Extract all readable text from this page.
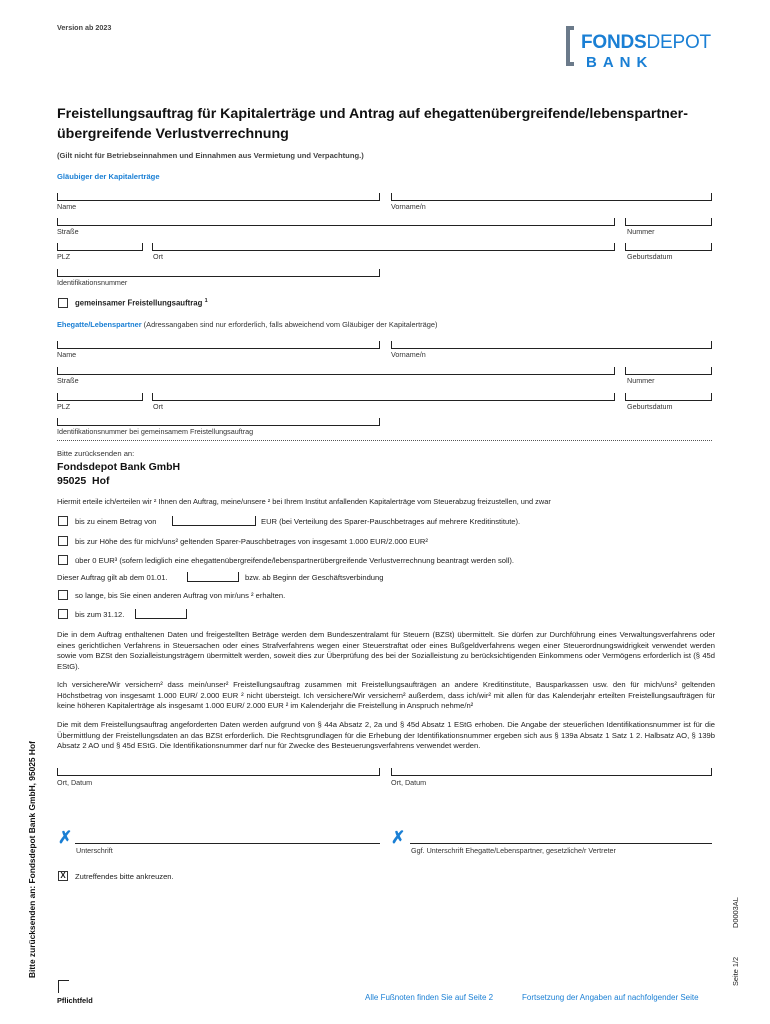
Version ab 2023
FONDSDEPOT
BANK
Freistellungsauftrag für Kapitalerträge und Antrag auf ehegattenübergreifende/lebenspartner-
übergreifende Verlustverrechnung
(Gilt nicht für Betriebseinnahmen und Einnahmen aus Vermietung und Verpachtung.)
Gläubiger der Kapitalerträge
Name	Vorname/n
Straße	Nummer
PLZ	Ort	Geburtsdatum
Identifikationsnummer
gemeinsamer Freistellungsauftrag $^1$
Ehegatte/Lebenspartner (Adressangaben sind nur erforderlich, falls abweichend vom Gläubiger der Kapitalerträge)
Name	Vorname/n
Straße	Nummer
PLZ	Ort	Geburtsdatum
Identifikationsnummer bei gemeinsamem Freistellungsauftrag
Bitte zurücksenden an:
Fondsdepot Bank GmbH
95025  Hof
Hiermit erteile ich/erteilen wir ² Ihnen den Auftrag, meine/unsere ² bei Ihrem Institut anfallenden Kapitalerträge vom Steuerabzug freizustellen, und zwar
bis zu einem Betrag von	EUR (bei Verteilung des Sparer-Pauschbetrages auf mehrere Kreditinstitute).
bis zur Höhe des für mich/uns² geltenden Sparer-Pauschbetrages von insgesamt 1.000 EUR/2.000 EUR²
über 0 EUR³ (sofern lediglich eine ehegattenübergreifende/lebenspartnerübergreifende Verlustverrechnung beantragt werden soll).
Dieser Auftrag gilt ab dem 01.01.	bzw. ab Beginn der Geschäftsverbindung
so lange, bis Sie einen anderen Auftrag von mir/uns ² erhalten.
bis zum 31.12.
Die in dem Auftrag enthaltenen Daten und freigestellten Beträge werden dem Bundeszentralamt für Steuern (BZSt) übermittelt. Sie dürfen zur Durchführung eines Verwaltungsverfahrens oder eines gerichtlichen Verfahrens in Steuersachen oder eines Strafverfahrens wegen einer Steuerstraftat oder eines Bußgeldverfahrens wegen einer Steuerordnungswidrigkeit verwendet werden sowie vom BZSt den Sozialleistungsträgern übermittelt werden, soweit dies zur Überprüfung des bei der Sozialleistung zu berücksichtigenden Einkommens oder Vermögens erforderlich ist (§ 45d EStG).
Ich versichere/Wir versichern² dass mein/unser² Freistellungsauftrag zusammen mit Freistellungsaufträgen an andere Kreditinstitute, Bausparkassen usw. den für mich/uns² geltenden Höchstbetrag von insgesamt 1.000 EUR/ 2.000 EUR ² nicht übersteigt. Ich versichere/Wir versichern² außerdem, dass ich/wir² mit allen für das Kalenderjahr erteilten Freistellungsaufträgen für keine höheren Kapitalerträge als insgesamt 1.000 EUR/ 2.000 EUR ² im Kalenderjahr die Freistellung in Anspruch nehme/n²
Die mit dem Freistellungsauftrag angeforderten Daten werden aufgrund von § 44a Absatz 2, 2a und § 45d Absatz 1 EStG erhoben. Die Angabe der steuerlichen Identifikationsnummer ist für die Übermittlung der Freistellungsdaten an das BZSt erforderlich. Die Rechtsgrundlagen für die Erhebung der Identifikationsnummer ergeben sich aus § 139a Absatz 1 Satz 1 2. Halbsatz AO, § 139b Absatz 2 AO und § 45d EStG. Die Identifikationsnummer darf nur für Zwecke des Besteuerungsverfahrens verwendet werden.
Ort, Datum	Ort, Datum
✗
Unterschrift
✗
Ggf. Unterschrift Ehegatte/Lebenspartner, gesetzliche/r Vertreter
X	Zutreffendes bitte ankreuzen.
Bitte zurücksenden an: Fondsdepot Bank GmbH, 95025 Hof	D0003AL
Seite 1/2
Pflichtfeld	Alle Fußnoten finden Sie auf Seite 2	Fortsetzung der Angaben auf nachfolgender Seite
